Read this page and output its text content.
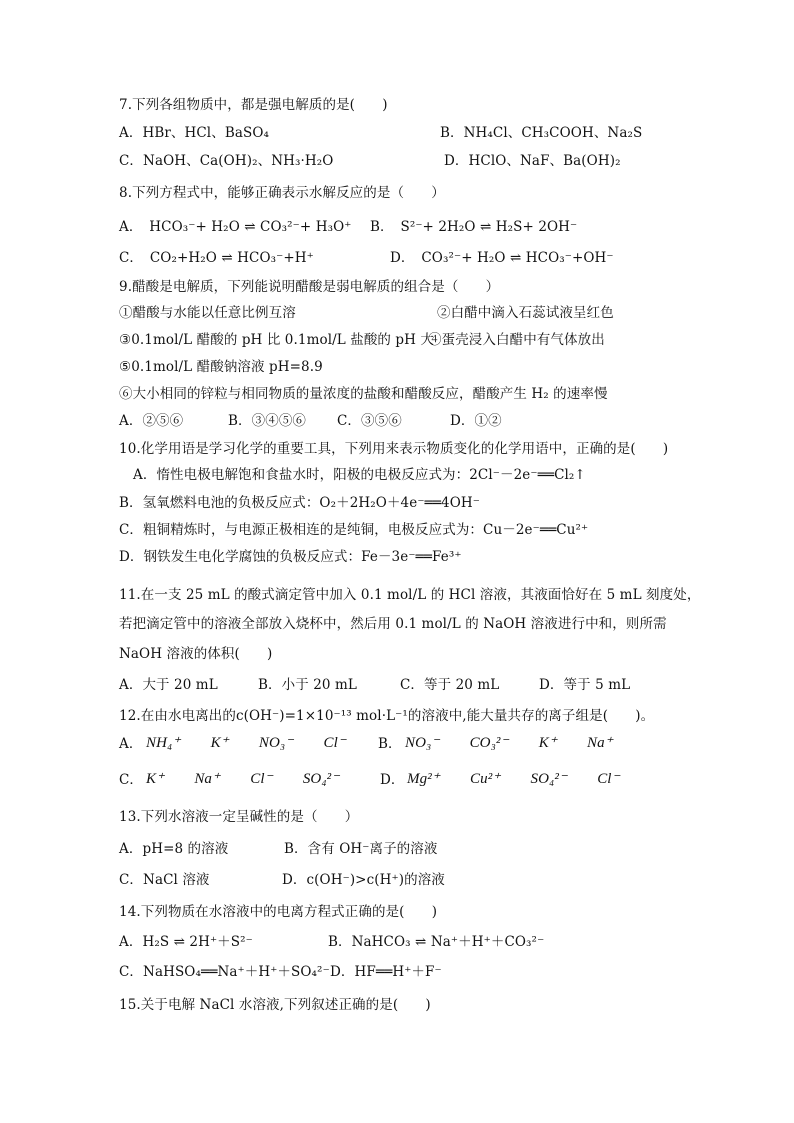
7.下列各组物质中，都是强电解质的是(　　)
A．HBr、HCl、BaSO₄	B．NH₄Cl、CH₃COOH、Na₂S
C．NaOH、Ca(OH)₂、NH₃·H₂O	D．HClO、NaF、Ba(OH)₂
8.下列方程式中，能够正确表示水解反应的是（　　）
A．　HCO₃⁻+ H₂O ⇌ CO₃²⁻+ H₃O⁺ B．　S²⁻+ 2H₂O ⇌ H₂S+ 2OH⁻
C．　CO₂+H₂O ⇌ HCO₃⁻+H⁺	D．　CO₃²⁻+ H₂O ⇌ HCO₃⁻+OH⁻
9.醋酸是电解质，下列能说明醋酸是弱电解质的组合是（　　）
①醋酸与水能以任意比例互溶	②白醋中滴入石蕊试液呈红色
③0.1mol/L 醋酸的 pH 比 0.1mol/L 盐酸的 pH 大
④蛋壳浸入白醋中有气体放出
⑤0.1mol/L 醋酸钠溶液 pH=8.9
⑥大小相同的锌粒与相同物质的量浓度的盐酸和醋酸反应，醋酸产生 H₂ 的速率慢
A．②⑤⑥	B．③④⑤⑥ C．③⑤⑥	D．①②
10.化学用语是学习化学的重要工具，下列用来表示物质变化的化学用语中，正确的是(　　)
A．惰性电极电解饱和食盐水时，阳极的电极反应式为：2Cl⁻－2e⁻══Cl₂↑
B．氢氧燃料电池的负极反应式：O₂＋2H₂O＋4e⁻══4OH⁻
C．粗铜精炼时，与电源正极相连的是纯铜，电极反应式为：Cu－2e⁻══Cu²⁺
D．钢铁发生电化学腐蚀的负极反应式：Fe－3e⁻══Fe³⁺
11.在一支 25 mL 的酸式滴定管中加入 0.1 mol/L 的 HCl 溶液，其液面恰好在 5 mL 刻度处，
若把滴定管中的溶液全部放入烧杯中，然后用 0.1 mol/L 的 NaOH 溶液进行中和，则所需
NaOH 溶液的体积(　　)
A．大于 20 mL	B．小于 20 mL	C．等于 20 mL	D．等于 5 mL
12.在由水电离出的c(OH⁻)=1×10⁻¹³ mol·L⁻¹的溶液中,能大量共存的离子组是(　　)。
A． NH₄⁺　　K⁺　　NO₃⁻　　Cl⁻ B． NO₃⁻　　CO₃²⁻　　K⁺　　Na⁺
C． K⁺　　Na⁺　　Cl⁻　　SO₄²⁻	D． Mg²⁺　　Cu²⁺　　SO₄²⁻　　Cl⁻
13.下列水溶液一定呈碱性的是（　　）
A．pH=8 的溶液	B．含有 OH⁻离子的溶液
C．NaCl 溶液	D．c(OH⁻)>c(H⁺)的溶液
14.下列物质在水溶液中的电离方程式正确的是(　　)
A．H₂S ⇌ 2H⁺＋S²⁻	B．NaHCO₃ ⇌ Na⁺＋H⁺＋CO₃²⁻
C．NaHSO₄══Na⁺＋H⁺＋SO₄²⁻ D．HF══H⁺＋F⁻
15.关于电解 NaCl 水溶液,下列叙述正确的是(　　)
